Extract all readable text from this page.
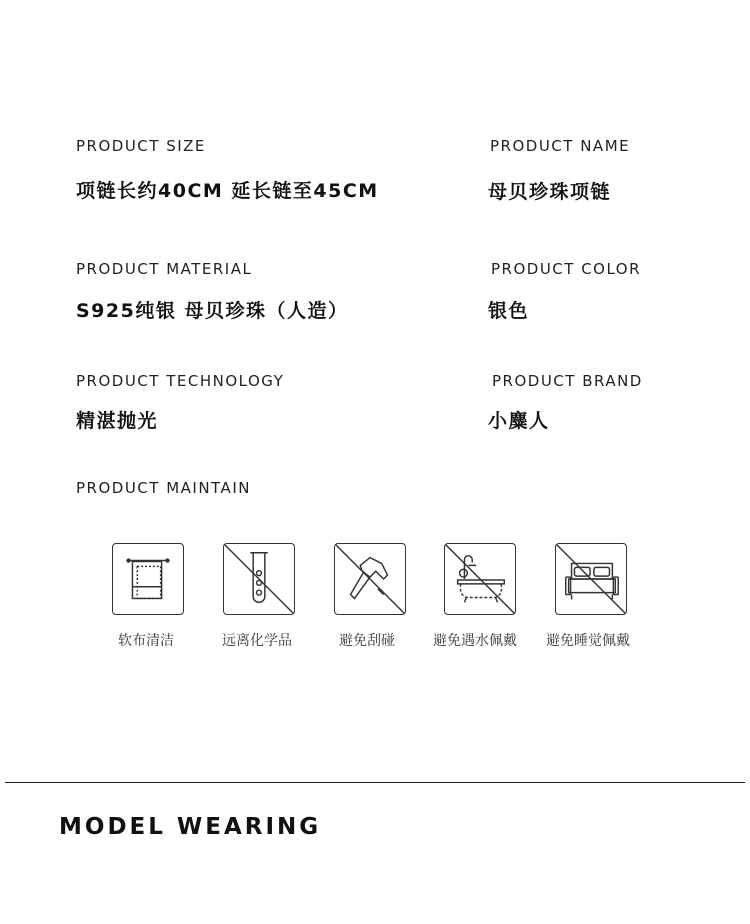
PRODUCT SIZE
项链长约40CM 延长链至45CM
PRODUCT NAME
母贝珍珠项链
PRODUCT MATERIAL
S925纯银 母贝珍珠（人造）
PRODUCT COLOR
银色
PRODUCT TECHNOLOGY
精湛抛光
PRODUCT BRAND
小麋人
PRODUCT MAINTAIN
软布清洁	远离化学品	避免刮碰	避免遇水佩戴 避免睡觉佩戴
MODEL WEARING
